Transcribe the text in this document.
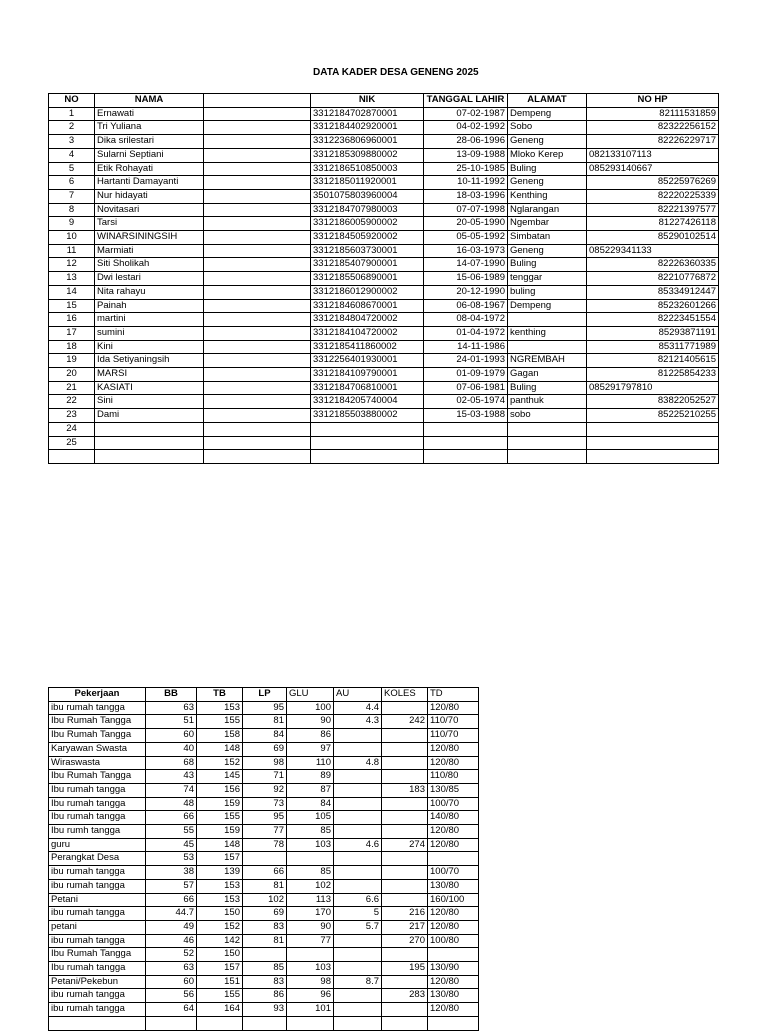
DATA KADER DESA GENENG 2025
NO	NAMA		NIK	TANGGAL LAHIR	ALAMAT	NO HP
1	Ernawati		3312184702870001	07-02-1987	Dempeng	82111531859
2	Tri Yuliana		3312184402920001	04-02-1992	Sobo	82322256152
3	Dika srilestari		3312236806960001	28-06-1996	Geneng	82226229717
4	Sularni Septiani		3312185309880002	13-09-1988	Mloko Kerep	082133107113
5	Etik Rohayati		3312186510850003	25-10-1985	Buling	085293140667
6	Hartanti Damayanti		3312185011920001	10-11-1992	Geneng	85225976269
7	Nur hidayati		3501075803960004	18-03-1996	Kenthing	82220225339
8	Novitasari		3312184707980003	07-07-1998	Nglarangan	82221397577
9	Tarsi		3312186005900002	20-05-1990	Ngembar	81227426118
10	WINARSININGSIH		3312184505920002	05-05-1992	Simbatan	85290102514
11	Marmiati		3312185603730001	16-03-1973	Geneng	085229341133
12	Siti Sholikah		3312185407900001	14-07-1990	Buling	82226360335
13	Dwi lestari		3312185506890001	15-06-1989	tenggar	82210776872
14	Nita rahayu		3312186012900002	20-12-1990	buling	85334912447
15	Painah		3312184608670001	06-08-1967	Dempeng	85232601266
16	martini		3312184804720002	08-04-1972		82223451554
17	sumini		3312184104720002	01-04-1972	kenthing	85293871191
18	Kini		3312185411860002	14-11-1986		85311771989
19	Ida Setiyaningsih		3312256401930001	24-01-1993	NGREMBAH	82121405615
20	MARSI		3312184109790001	01-09-1979	Gagan	81225854233
21	KASIATI		3312184706810001	07-06-1981	Buling	085291797810
22	Sini		3312184205740004	02-05-1974	panthuk	83822052527
23	Dami		3312185503880002	15-03-1988	sobo	85225210255
24						
25						

Pekerjaan	BB	TB	LP	GLU	AU	KOLES	TD
ibu rumah tangga	63	153	95	100	4.4		120/80
Ibu Rumah Tangga	51	155	81	90	4.3	242	110/70
Ibu Rumah Tangga	60	158	84	86			110/70
Karyawan Swasta	40	148	69	97			120/80
Wiraswasta	68	152	98	110	4.8		120/80
Ibu Rumah Tangga	43	145	71	89			110/80
Ibu rumah tangga	74	156	92	87		183	130/85
Ibu rumah tangga	48	159	73	84			100/70
Ibu rumah tangga	66	155	95	105			140/80
Ibu rumh tangga	55	159	77	85			120/80
guru	45	148	78	103	4.6	274	120/80
Perangkat Desa	53	157					
ibu rumah tangga	38	139	66	85			100/70
ibu rumah tangga	57	153	81	102			130/80
Petani	66	153	102	113	6.6		160/100
ibu rumah tangga	44.7	150	69	170	5	216	120/80
petani	49	152	83	90	5.7	217	120/80
ibu rumah tangga	46	142	81	77		270	100/80
Ibu Rumah Tangga	52	150					
Ibu rumah tangga	63	157	85	103		195	130/90
Petani/Pekebun	60	151	83	98	8.7		120/80
ibu rumah tangga	56	155	86	96		283	130/80
ibu rumah tangga	64	164	93	101			120/80
